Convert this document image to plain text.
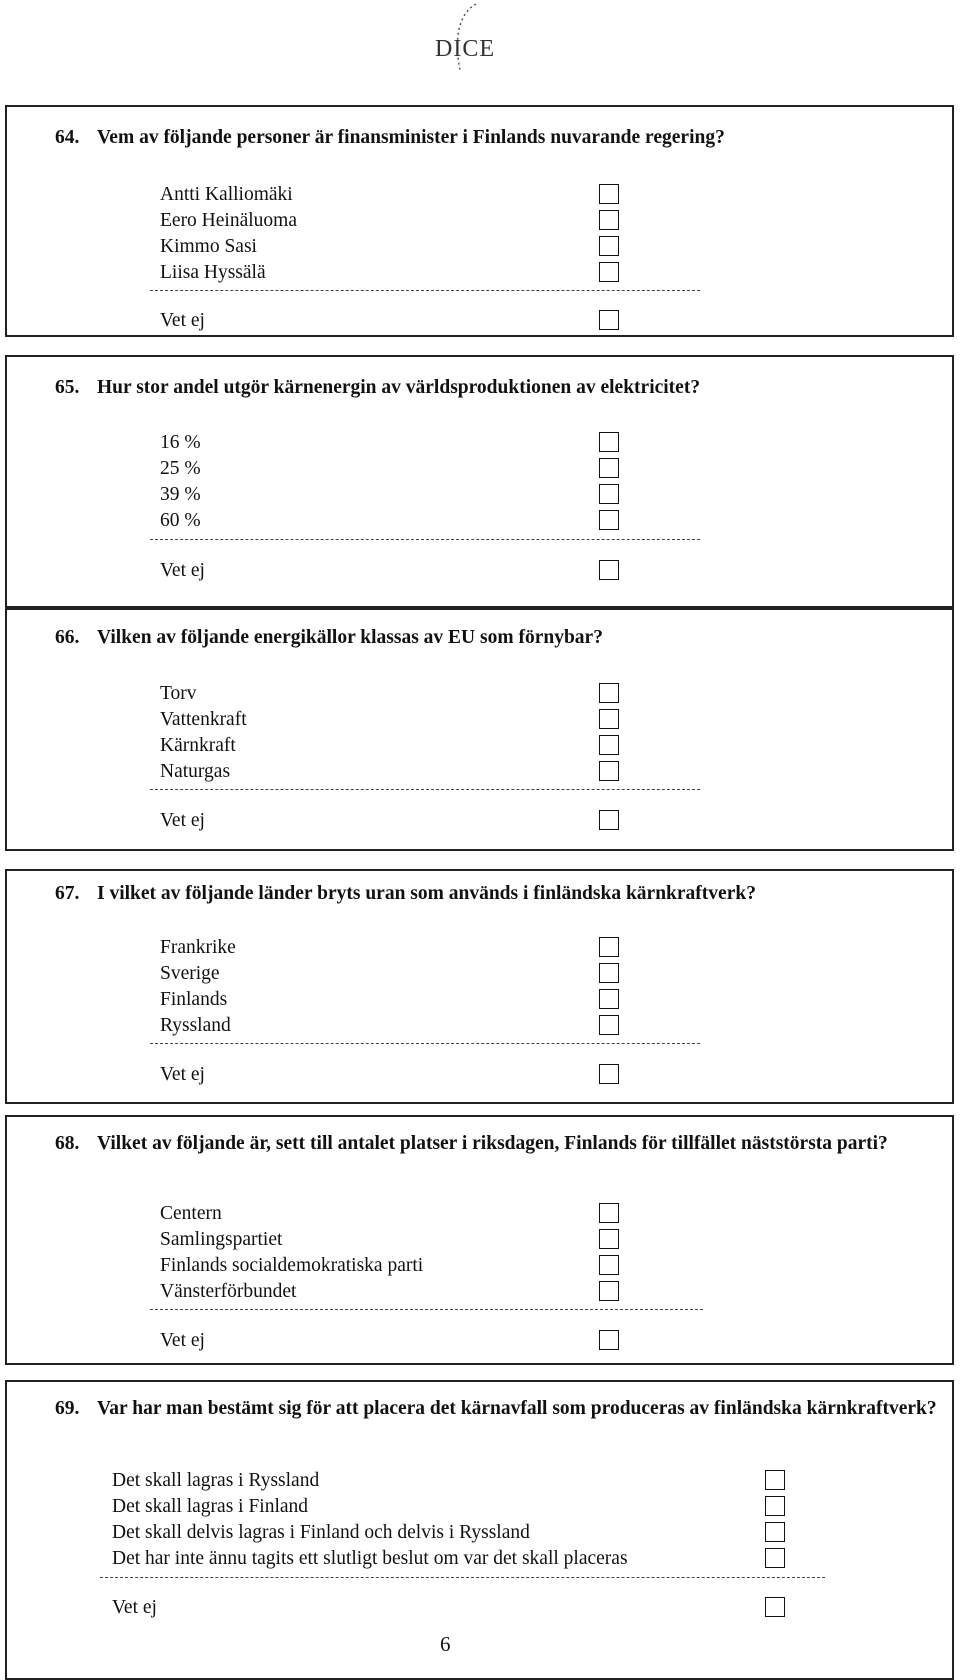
DICE
64. Vem av följande personer är finansminister i Finlands nuvarande regering?
Antti Kalliomäki
Eero Heinäluoma
Kimmo Sasi
Liisa Hyssälä
Vet ej
65. Hur stor andel utgör kärnenergin av världsproduktionen av elektricitet?
16 %
25 %
39 %
60 %
Vet ej
66. Vilken av följande energikällor klassas av EU som förnybar?
Torv
Vattenkraft
Kärnkraft
Naturgas
Vet ej
67. I vilket av följande länder bryts uran som används i finländska kärnkraftverk?
Frankrike
Sverige
Finlands
Ryssland
Vet ej
68. Vilket av följande är, sett till antalet platser i riksdagen, Finlands för tillfället näststörsta parti?
Centern
Samlingspartiet
Finlands socialdemokratiska parti
Vänsterförbundet
Vet ej
69. Var har man bestämt sig för att placera det kärnavfall som produceras av finländska kärnkraftverk?
Det skall lagras i Ryssland
Det skall lagras i Finland
Det skall delvis lagras i Finland och delvis i Ryssland
Det har inte ännu tagits ett slutligt beslut om var det skall placeras
Vet ej
6
